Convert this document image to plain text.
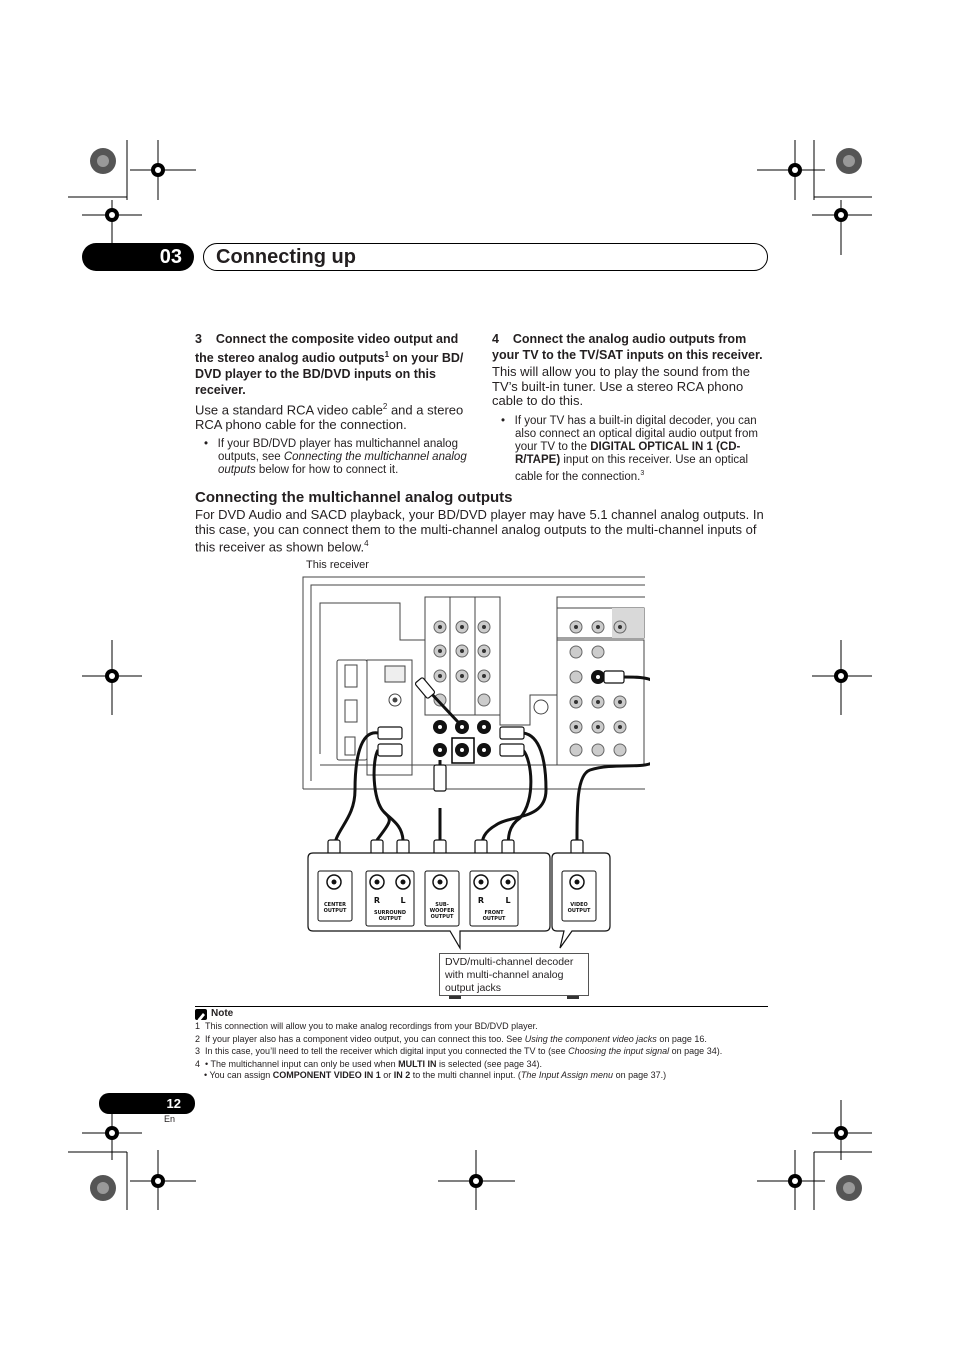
03	Connecting up
3 Connect the composite video output and the stereo analog audio outputs$^1$ on your BD/ DVD player to the BD/DVD inputs on this receiver.
Use a standard RCA video cable$^2$ and a stereo RCA phono cable for the connection.
•   If your BD/DVD player has multichannel analog outputs, see Connecting the multichannel analog outputs below for how to connect it.
4 Connect the analog audio outputs from your TV to the TV/SAT inputs on this receiver.
This will allow you to play the sound from the TV’s built-in tuner. Use a stereo RCA phono cable to do this.
•   If your TV has a built-in digital decoder, you can also connect an optical digital audio output from your TV to the DIGITAL OPTICAL IN 1 (CD-R/TAPE) input on this receiver. Use an optical cable for the connection.$^3$
Connecting the multichannel analog outputs
For DVD Audio and SACD playback, your BD/DVD player may have 5.1 channel analog outputs. In this case, you can connect them to the multi-channel analog outputs to the multi-channel inputs of this receiver as shown below.$^4$
This receiver
R	L	R	L
CENTER
OUTPUT	SURROUND
OUTPUT
SUB-
WOOFER
OUTPUT
FRONT
OUTPUT
VIDEO
OUTPUT
DVD/multi-channel decoder with multi-channel analog output jacks
Note
1 This connection will allow you to make analog recordings from your BD/DVD player.
2 If your player also has a component video output, you can connect this too. See Using the component video jacks on page 16.
3 In this case, you’ll need to tell the receiver which digital input you connected the TV to (see Choosing the input signal on page 34).
4 • The multichannel input can only be used when MULTI IN is selected (see page 34).
• You can assign COMPONENT VIDEO IN 1 or IN 2 to the multi channel input. (The Input Assign menu on page 37.)
12
En
